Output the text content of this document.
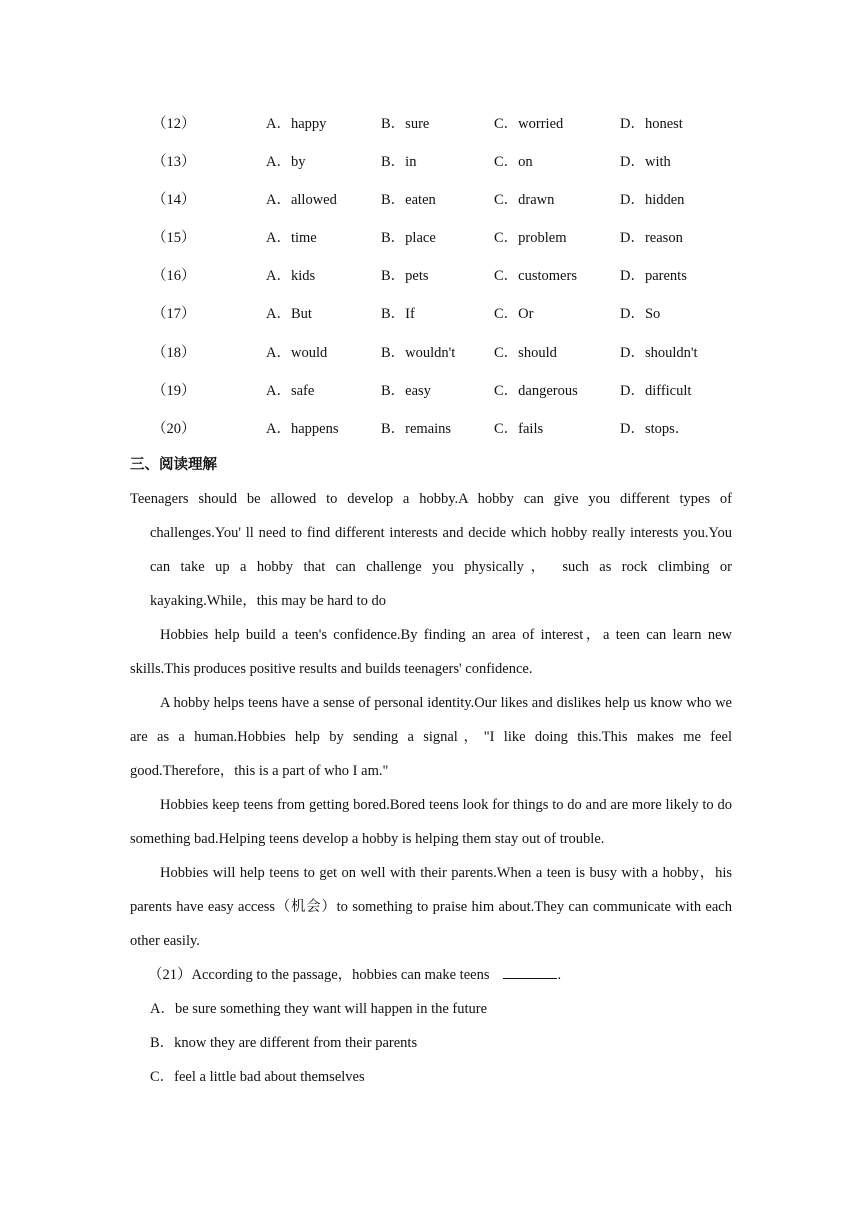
（12）	A．happy	B．sure	C．worried	D．honest
（13）	A．by	B．in	C．on	D．with
（14）	A．allowed	B．eaten	C．drawn	D．hidden
（15）	A．time	B．place	C．problem	D．reason
（16）	A．kids	B．pets	C．customers	D．parents
（17）	A．But	B．If	C．Or	D．So
（18）	A．would	B．wouldn't	C．should	D．shouldn't
（19）	A．safe	B．easy	C．dangerous	D．difficult
（20）	A．happens	B．remains	C．fails	D．stops．
三、阅读理解

Teenagers should be allowed to develop a hobby.A hobby can give you different types of challenges.You' ll need to find different interests and decide which hobby really interests you.You can take up a hobby that can challenge you physically， such as rock climbing or kayaking.While，this may be hard to do

Hobbies help build a teen's confidence.By finding an area of interest，a teen can learn new skills.This produces positive results and builds teenagers' confidence.

A hobby helps teens have a sense of personal identity.Our likes and dislikes help us know who we are as a human.Hobbies help by sending a signal，"I like doing this.This makes me feel good.Therefore，this is a part of who I am."

Hobbies keep teens from getting bored.Bored teens look for things to do and are more likely to do something bad.Helping teens develop a hobby is helping them stay out of trouble.

Hobbies will help teens to get on well with their parents.When a teen is busy with a hobby，his parents have easy access（机会）to something to praise him about.They can communicate with each other easily.

（21）According to the passage，hobbies can make teens	.
A．be sure something they want will happen in the future
B．know they are different from their parents
C．feel a little bad about themselves
